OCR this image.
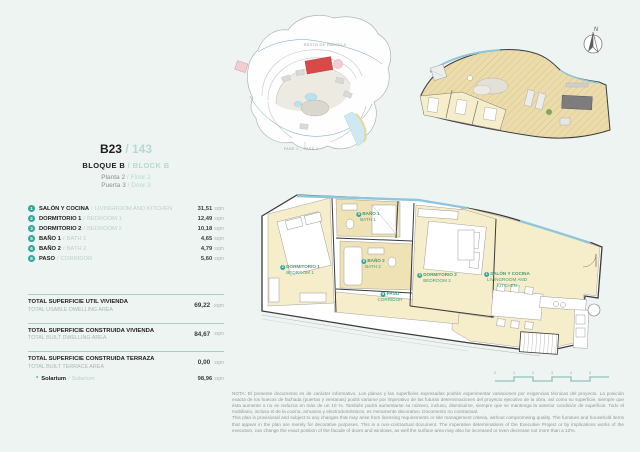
N
0	1	2	3	4	5
RESTO DE PARCELA
FASE 1 _ FASE 2
5 BAÑO 1
BATH 1
2 DORMITORIO 1
BEDROOM 1
6 BAÑO 2
BATH 2
3 DORMITORIO 2
BEDROOM 2
8 PASO
CORRIDOR
1 SALÓN Y COCINA
LIVINGROOM AND
KITCHEN
B23 / 143
BLOQUE B / BLOCK B
Planta 2 / Floor 2
Puerta 3 / Door 3
1	SALÓN Y COCINA / LIVINGROOM AND KITCHEN	31,51 sqm
2	DORMITORIO 1 / BEDROOM 1	12,49 sqm
3	DORMITORIO 2 / BEDROOM 2	10,18 sqm
5	BAÑO 1 / BATH 1	4,65 sqm
6	BAÑO 2 / BATH 2	4,79 sqm
8	PASO / CORRIDOR	5,60 sqm
TOTAL SUPERFICIE UTIL VIVIENDA
TOTAL USABLE DWELLING AREA
69,22 sqm
TOTAL SUPERFICIE CONSTRUIDA VIVIENDA
TOTAL BUILT DWELLING AREA
84,67 sqm
TOTAL SUPERFICIE CONSTRUIDA TERRAZA
TOTAL BUILT TERRACE AREA
0,00 sqm
* Solarium / Solarium	98,96 sqm

NOTA: El presente documento es de carácter informativo. Los planos y las superficies expresadas podrán experimentar variaciones por exigencias técnicas del proyecto. La posición exacta de los huecos de fachada (puertas y ventanas) podrá variarse por imperativo de las futuras determinaciones del proyecto ejecutivo de la obra, así como su superficie, siempre que ésta aumente o no se reduzca en más de un 10 %. También podrá aumentarse su número, incluso, disminuirse, siempre que se mantenga la anterior condición de superficie. Todo el mobiliario, incluso el de la cocina, armarios y electrodomésticos, es meramente decorativo. Documento no contractual.

This plan is provisional and subject to any changes that may arise from licensing requirements or site management criteria, without compromising quality. The furniture and household items that appear in the plan are merely for decorative purposes. This is a non-contractual document. The imperative determinations of the Executive Project or by implications works of the execution, can change the exact position of the facade of doors and windows, as well the surface area may also be increased or even decrease not more than a 12%.
